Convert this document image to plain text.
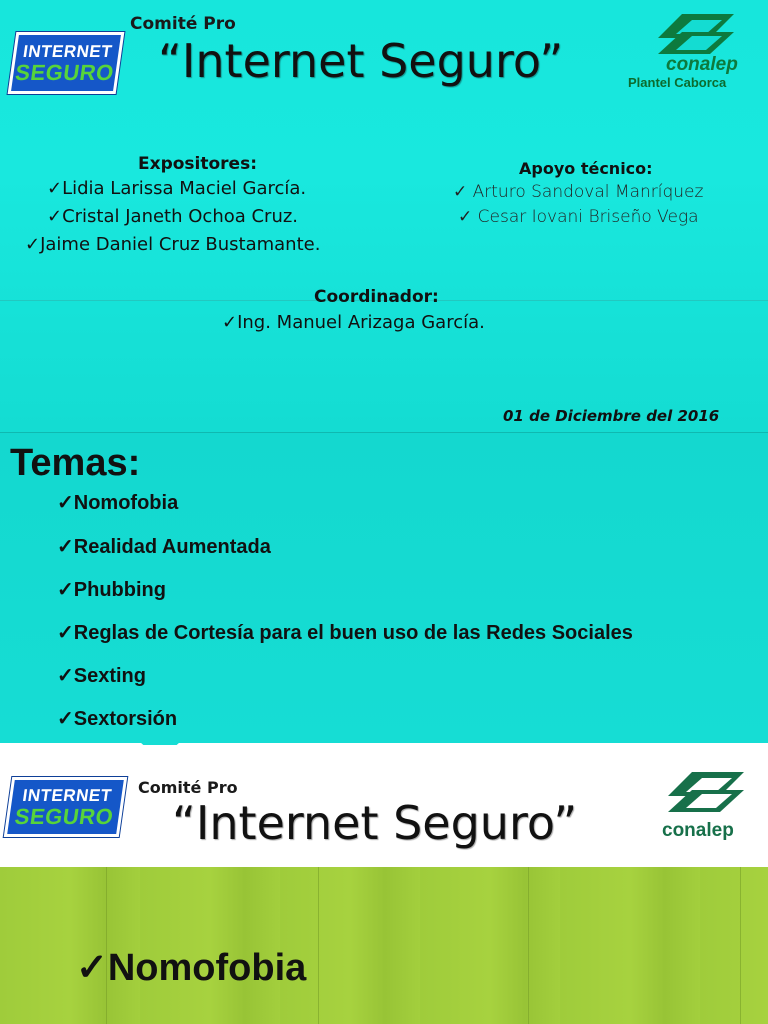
INTERNET
SEGURO
Comité Pro
“Internet Seguro”	conalep
Plantel Caborca
Expositores:
✓Lidia Larissa Maciel García.
✓Cristal Janeth Ochoa Cruz.
✓Jaime Daniel Cruz Bustamante.
Apoyo técnico:
✓ Arturo Sandoval Manríquez
✓ Cesar Iovani Briseño Vega
Coordinador:
✓Ing. Manuel Arizaga García.
01 de Diciembre del 2016
Temas:
✓Nomofobia
✓Realidad Aumentada
✓Phubbing
✓Reglas de Cortesía para el buen uso de las Redes Sociales
✓Sexting
✓Sextorsión
INTERNET
SEGURO
Comité Pro
“Internet Seguro”	conalep
✓Nomofobia
